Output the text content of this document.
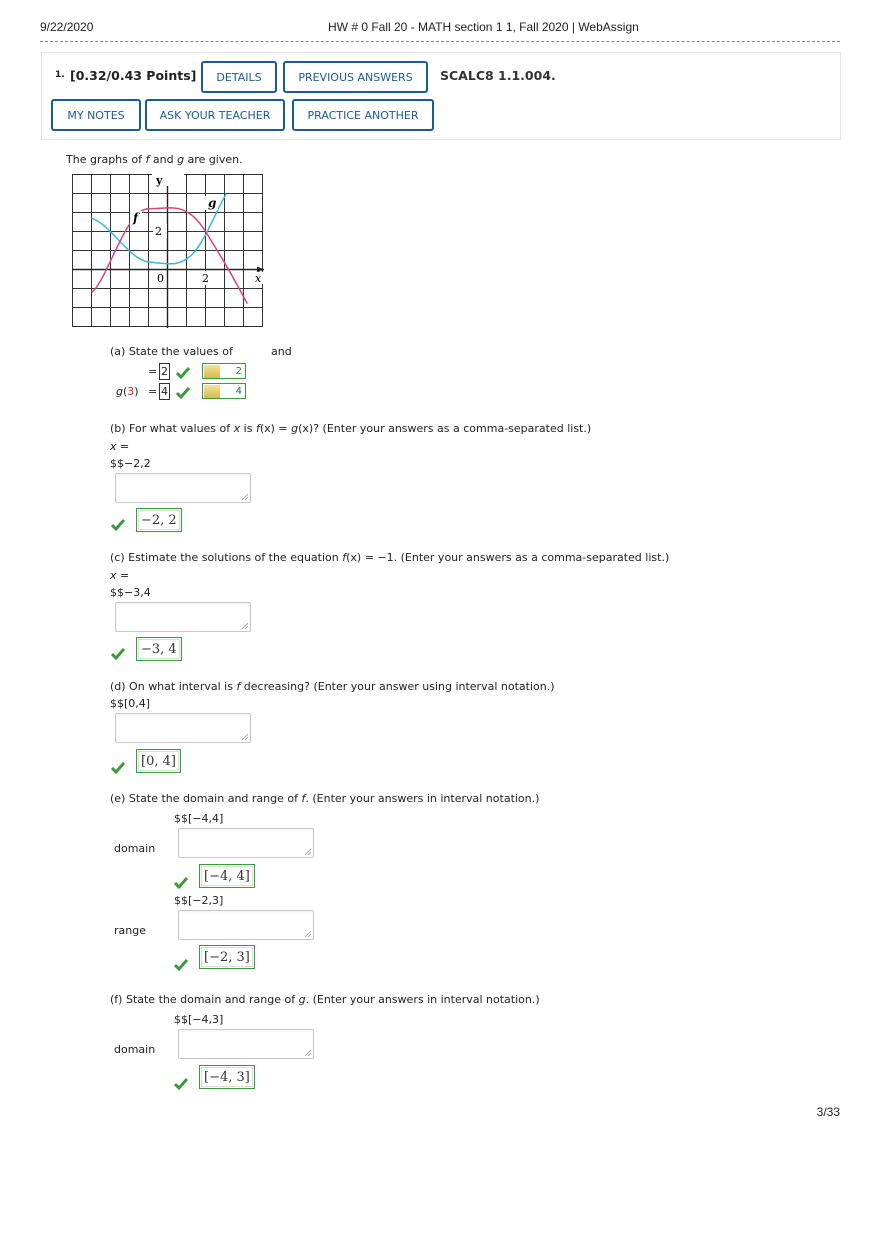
9/22/2020	HW # 0 Fall 20 - MATH section 1 1, Fall 2020 | WebAssign
1. [0.32/0.43 Points]	DETAILS	PREVIOUS ANSWERS	SCALC8 1.1.004.
MY NOTES	ASK YOUR TEACHER	PRACTICE ANOTHER
The graphs of f and g are given.
y
x
2
0	2
f
g
(a) State the values of	and
= 2	2
g(3) = 4	4
(b) For what values of x is f(x) = g(x)? (Enter your answers as a comma-separated list.)
x =
$$−2,2
−2, 2
(c) Estimate the solutions of the equation f(x) = −1. (Enter your answers as a comma-separated list.)
x =
$$−3,4
−3, 4
(d) On what interval is f decreasing? (Enter your answer using interval notation.)
$$[0,4]
[0, 4]
(e) State the domain and range of f. (Enter your answers in interval notation.)
$$[−4,4]
domain
[−4, 4]
$$[−2,3]
range
[−2, 3]
(f) State the domain and range of g. (Enter your answers in interval notation.)
$$[−4,3]
domain
[−4, 3]
3/33
